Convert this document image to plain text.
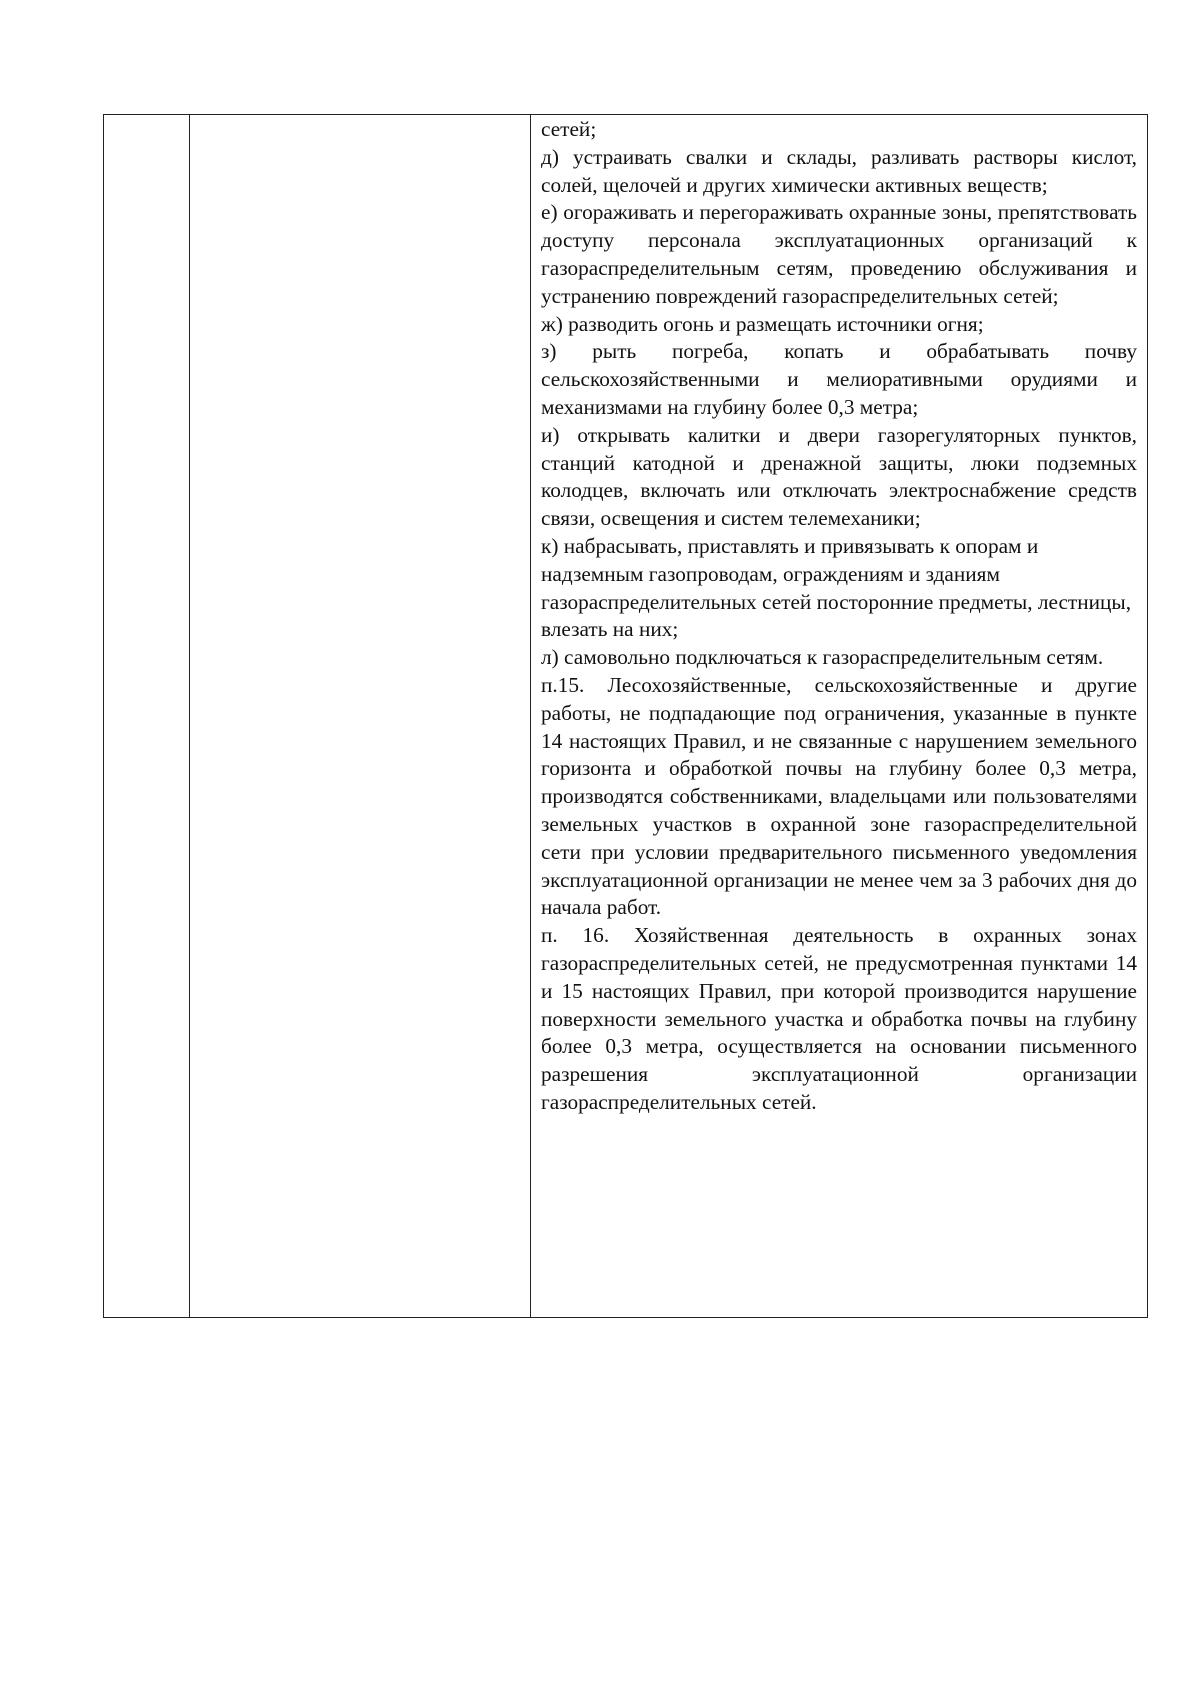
сетей;

д) устраивать свалки и склады, разливать растворы кислот, солей, щелочей и других химически активных веществ;

е) огораживать и перегораживать охранные зоны, препятствовать доступу персонала эксплуатационных организаций к газораспределительным сетям, проведению обслуживания и устранению повреждений газораспределительных сетей;

ж) разводить огонь и размещать источники огня;

з) рыть погреба, копать и обрабатывать почву сельскохозяйственными и мелиоративными орудиями и механизмами на глубину более 0,3 метра;

и) открывать калитки и двери газорегуляторных пунктов, станций катодной и дренажной защиты, люки подземных колодцев, включать или отключать электроснабжение средств связи, освещения и систем телемеханики;

к) набрасывать, приставлять и привязывать к опорам и надземным газопроводам, ограждениям и зданиям газораспределительных сетей посторонние предметы, лестницы, влезать на них;

л) самовольно подключаться к газораспределительным сетям.

п.15. Лесохозяйственные, сельскохозяйственные и другие работы, не подпадающие под ограничения, указанные в пункте 14 настоящих Правил, и не связанные с нарушением земельного горизонта и обработкой почвы на глубину более 0,3 метра, производятся собственниками, владельцами или пользователями земельных участков в охранной зоне газораспределительной сети при условии предварительного письменного уведомления эксплуатационной организации не менее чем за 3 рабочих дня до начала работ.

п. 16. Хозяйственная деятельность в охранных зонах газораспределительных сетей, не предусмотренная пунктами 14 и 15 настоящих Правил, при которой производится нарушение поверхности земельного участка и обработка почвы на глубину более 0,3 метра, осуществляется на основании письменного разрешения эксплуатационной организации газораспределительных сетей.
